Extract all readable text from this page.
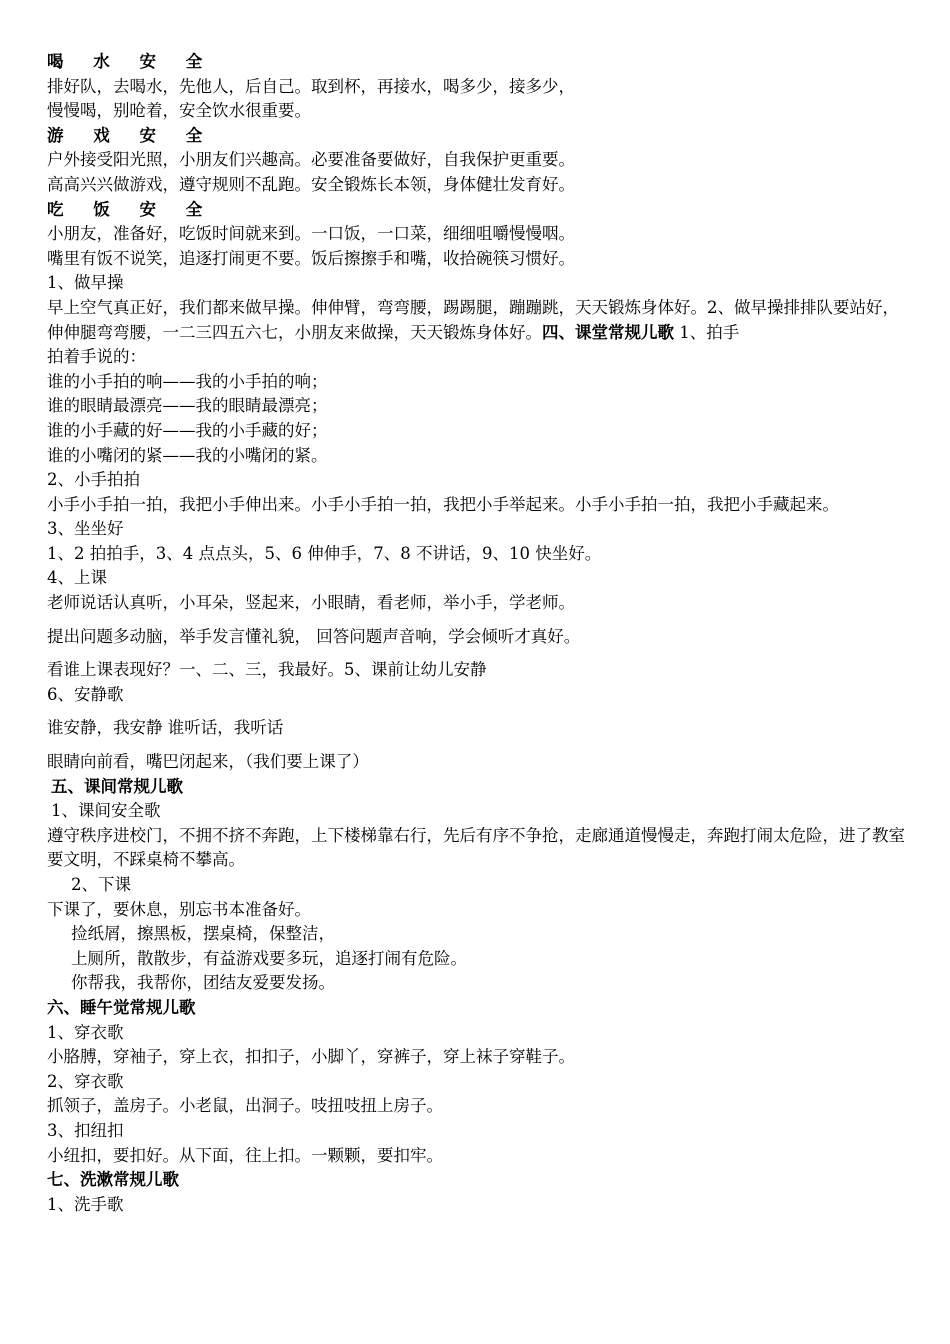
喝 水 安 全
排好队，去喝水，先他人，后自己。取到杯，再接水，喝多少，接多少，
慢慢喝，别呛着，安全饮水很重要。
游 戏 安 全
户外接受阳光照，小朋友们兴趣高。必要准备要做好，自我保护更重要。
高高兴兴做游戏，遵守规则不乱跑。安全锻炼长本领，身体健壮发育好。
吃 饭 安 全
小朋友，准备好，吃饭时间就来到。一口饭，一口菜，细细咀嚼慢慢咽。
嘴里有饭不说笑，追逐打闹更不要。饭后擦擦手和嘴，收拾碗筷习惯好。
1、做早操
早上空气真正好，我们都来做早操。伸伸臂，弯弯腰，踢踢腿，蹦蹦跳，天天锻炼身体好。2、做早操排排队要站好，伸伸腿弯弯腰，一二三四五六七，小朋友来做操，天天锻炼身体好。四、课堂常规儿歌 1、拍手
拍着手说的：
谁的小手拍的响——我的小手拍的响；
谁的眼睛最漂亮——我的眼睛最漂亮；
谁的小手藏的好——我的小手藏的好；
谁的小嘴闭的紧——我的小嘴闭的紧。
2、小手拍拍
小手小手拍一拍，我把小手伸出来。小手小手拍一拍，我把小手举起来。小手小手拍一拍，我把小手藏起来。
3、坐坐好
1、2 拍拍手，3、4 点点头，5、6 伸伸手，7、8 不讲话，9、10 快坐好。
4、上课
老师说话认真听，小耳朵，竖起来，小眼睛，看老师，举小手，学老师。
提出问题多动脑，举手发言懂礼貌， 回答问题声音响，学会倾听才真好。
看谁上课表现好？一、二、三，我最好。5、课前让幼儿安静
6、安静歌
谁安静，我安静 谁听话，我听话
眼睛向前看，嘴巴闭起来，（我们要上课了）
五、课间常规儿歌
1、课间安全歌
遵守秩序进校门，不拥不挤不奔跑，上下楼梯靠右行，先后有序不争抢，走廊通道慢慢走，奔跑打闹太危险，进了教室要文明，不踩桌椅不攀高。
2、下课
下课了，要休息，别忘书本准备好。
捡纸屑，擦黑板，摆桌椅，保整洁，
上厕所，散散步，有益游戏要多玩，追逐打闹有危险。
你帮我，我帮你，团结友爱要发扬。
六、睡午觉常规儿歌
1、穿衣歌
小胳膊，穿袖子，穿上衣，扣扣子，小脚丫，穿裤子，穿上袜子穿鞋子。
2、穿衣歌
抓领子，盖房子。小老鼠，出洞子。吱扭吱扭上房子。
3、扣纽扣
小纽扣，要扣好。从下面，往上扣。一颗颗，要扣牢。
七、洗漱常规儿歌
1、洗手歌
